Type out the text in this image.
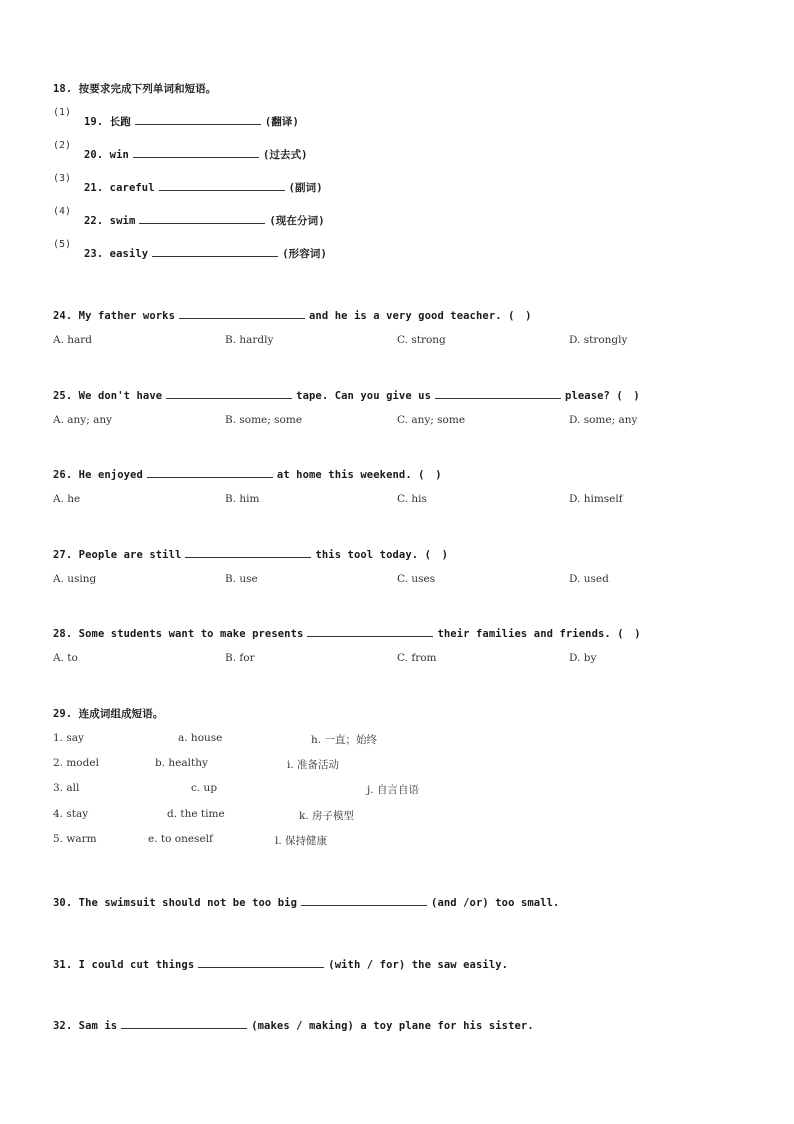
18. 按要求完成下列单词和短语。
(1)
19. 长跑	(翻译)
(2)
20. win	(过去式)
(3)
21. careful	(副词)
(4)
22. swim	(现在分词)
(5)
23. easily	(形容词)
24. My father works	and he is a very good teacher. (　)
A. hard	B. hardly	C. strong	D. strongly
25. We don't have	tape. Can you give us	please? (　)
A. any; any	B. some; some	C. any; some	D. some; any
26. He enjoyed	at home this weekend. (　)
A. he	B. him	C. his	D. himself
27. People are still	this tool today. (　)
A. using	B. use	C. uses	D. used
28. Some students want to make presents	their families and friends. (　)
A. to	B. for	C. from	D. by
29. 连成词组成短语。
1. say	a. house	h. 一直；始终
2. model	b. healthy	i. 准备活动
3. all	c. up	j. 自言自语
4. stay	d. the time	k. 房子模型
5. warm	e. to oneself	l. 保持健康
30. The swimsuit should not be too big	(and /or) too small.
31. I could cut things	(with / for) the saw easily.
32. Sam is	(makes / making) a toy plane for his sister.
